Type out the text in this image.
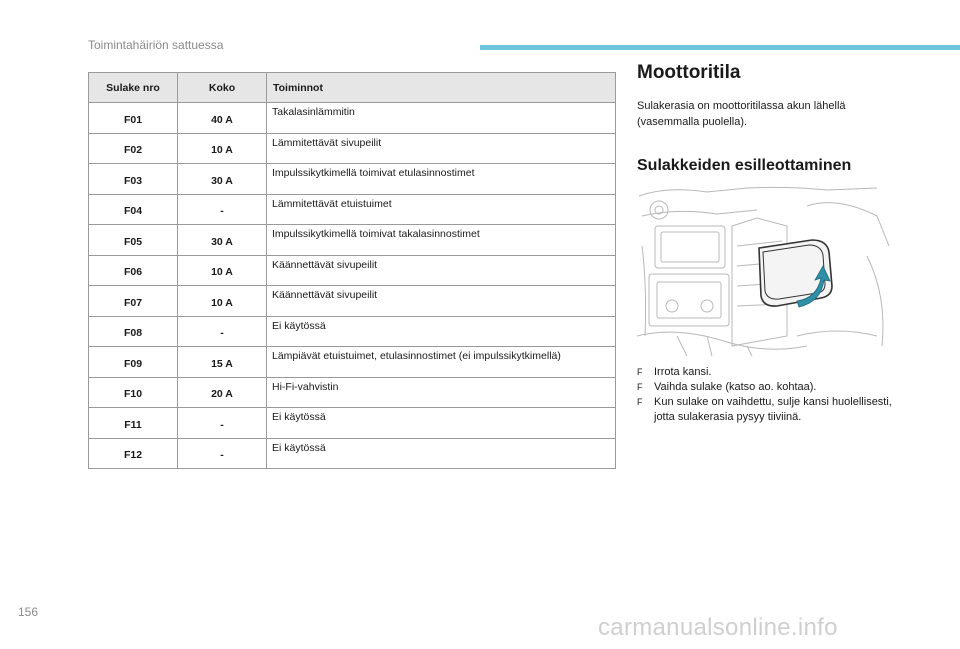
Toimintahäiriön sattuessa
Sulake nro	Koko	Toiminnot
F01	40 A	Takalasinlämmitin
F02	10 A	Lämmitettävät sivupeilit
F03	30 A	Impulssikytkimellä toimivat etulasinnostimet
F04	-	Lämmitettävät etuistuimet
F05	30 A	Impulssikytkimellä toimivat takalasinnostimet
F06	10 A	Käännettävät sivupeilit
F07	10 A	Käännettävät sivupeilit
F08	-	Ei käytössä
F09	15 A	Lämpiävät etuistuimet, etulasinnostimet (ei impulssikytkimellä)
F10	20 A	Hi-Fi-vahvistin
F11	-	Ei käytössä
F12	-	Ei käytössä
Moottoritila

Sulakerasia on moottoritilassa akun lähellä (vasemmalla puolella).

Sulakkeiden esilleottaminen
F Irrota kansi.
F Vaihda sulake (katso ao. kohtaa).
F Kun sulake on vaihdettu, sulje kansi huolellisesti, jotta sulakerasia pysyy tiiviinä.
156
carmanualsonline.info
